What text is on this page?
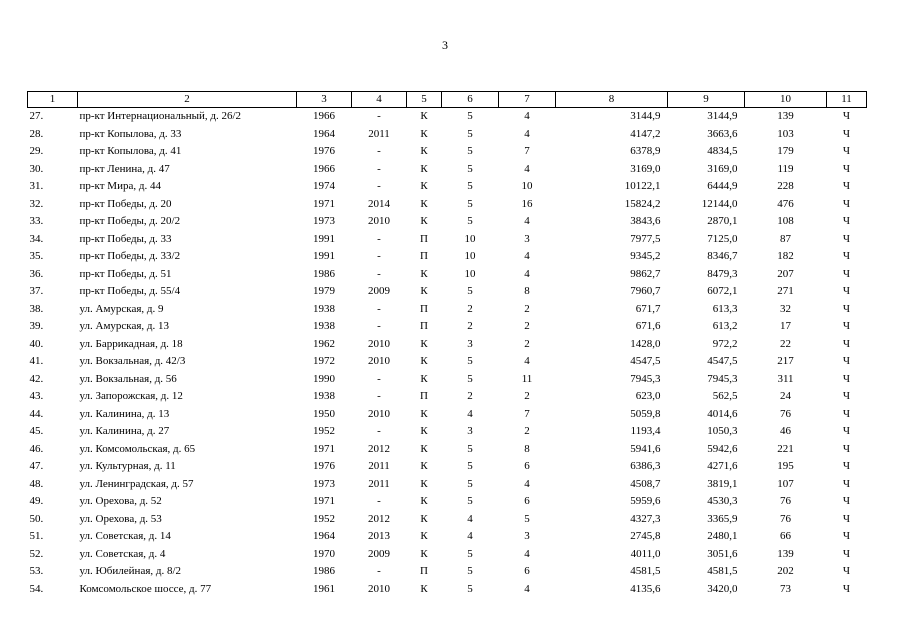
3
1	2	3	4	5	6	7	8	9	10	11
27.	пр-кт Интернациональный, д. 26/2	1966	-	К	5	4	3144,9	3144,9	139	Ч
28.	пр-кт Копылова, д. 33	1964	2011	К	5	4	4147,2	3663,6	103	Ч
29.	пр-кт Копылова, д. 41	1976	-	К	5	7	6378,9	4834,5	179	Ч
30.	пр-кт Ленина, д. 47	1966	-	К	5	4	3169,0	3169,0	119	Ч
31.	пр-кт Мира, д. 44	1974	-	К	5	10	10122,1	6444,9	228	Ч
32.	пр-кт Победы, д. 20	1971	2014	К	5	16	15824,2	12144,0	476	Ч
33.	пр-кт Победы, д. 20/2	1973	2010	К	5	4	3843,6	2870,1	108	Ч
34.	пр-кт Победы, д. 33	1991	-	П	10	3	7977,5	7125,0	87	Ч
35.	пр-кт Победы, д. 33/2	1991	-	П	10	4	9345,2	8346,7	182	Ч
36.	пр-кт Победы, д. 51	1986	-	К	10	4	9862,7	8479,3	207	Ч
37.	пр-кт Победы, д. 55/4	1979	2009	К	5	8	7960,7	6072,1	271	Ч
38.	ул. Амурская, д. 9	1938	-	П	2	2	671,7	613,3	32	Ч
39.	ул. Амурская, д. 13	1938	-	П	2	2	671,6	613,2	17	Ч
40.	ул. Баррикадная, д. 18	1962	2010	К	3	2	1428,0	972,2	22	Ч
41.	ул. Вокзальная, д. 42/3	1972	2010	К	5	4	4547,5	4547,5	217	Ч
42.	ул. Вокзальная, д. 56	1990	-	К	5	11	7945,3	7945,3	311	Ч
43.	ул. Запорожская, д. 12	1938	-	П	2	2	623,0	562,5	24	Ч
44.	ул. Калинина, д. 13	1950	2010	К	4	7	5059,8	4014,6	76	Ч
45.	ул. Калинина, д. 27	1952	-	К	3	2	1193,4	1050,3	46	Ч
46.	ул. Комсомольская, д. 65	1971	2012	К	5	8	5941,6	5942,6	221	Ч
47.	ул. Культурная, д. 11	1976	2011	К	5	6	6386,3	4271,6	195	Ч
48.	ул. Ленинградская, д. 57	1973	2011	К	5	4	4508,7	3819,1	107	Ч
49.	ул. Орехова, д. 52	1971	-	К	5	6	5959,6	4530,3	76	Ч
50.	ул. Орехова, д. 53	1952	2012	К	4	5	4327,3	3365,9	76	Ч
51.	ул. Советская, д. 14	1964	2013	К	4	3	2745,8	2480,1	66	Ч
52.	ул. Советская, д. 4	1970	2009	К	5	4	4011,0	3051,6	139	Ч
53.	ул. Юбилейная, д. 8/2	1986	-	П	5	6	4581,5	4581,5	202	Ч
54.	Комсомольское шоссе, д. 77	1961	2010	К	5	4	4135,6	3420,0	73	Ч
